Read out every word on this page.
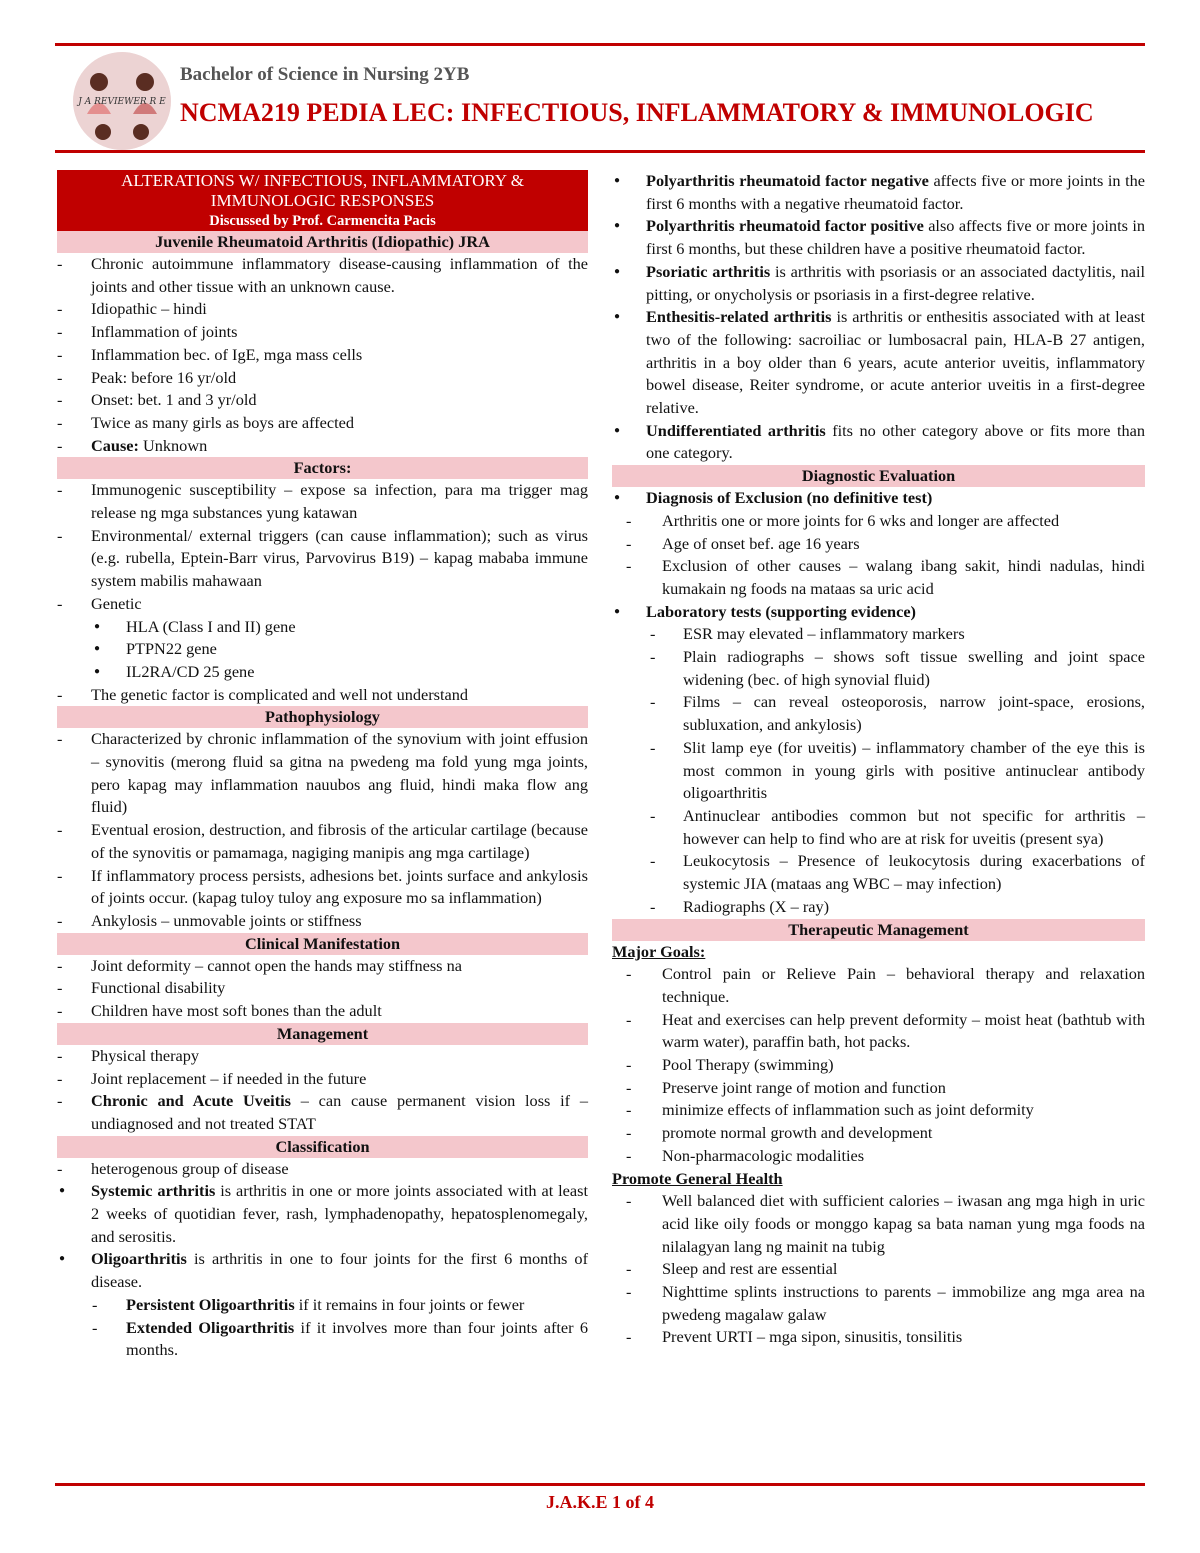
J A REVIEWER R E
Bachelor of Science in Nursing 2YB
NCMA219 PEDIA LEC: INFECTIOUS, INFLAMMATORY & IMMUNOLOGIC
ALTERATIONS W/ INFECTIOUS, INFLAMMATORY & IMMUNOLOGIC RESPONSES
Discussed by Prof. Carmencita Pacis
Juvenile Rheumatoid Arthritis (Idiopathic) JRA
- Chronic autoimmune inflammatory disease-causing inflammation of the joints and other tissue with an unknown cause.
- Idiopathic – hindi
- Inflammation of joints
- Inflammation bec. of IgE, mga mass cells
- Peak: before 16 yr/old
- Onset: bet. 1 and 3 yr/old
- Twice as many girls as boys are affected
- Cause: Unknown
Factors:
- Immunogenic susceptibility – expose sa infection, para ma trigger mag release ng mga substances yung katawan
- Environmental/ external triggers (can cause inflammation); such as virus (e.g. rubella, Eptein-Barr virus, Parvovirus B19) – kapag mababa immune system mabilis mahawaan
- Genetic
● HLA (Class I and II) gene
● PTPN22 gene
● IL2RA/CD 25 gene
- The genetic factor is complicated and well not understand
Pathophysiology
- Characterized by chronic inflammation of the synovium with joint effusion – synovitis (merong fluid sa gitna na pwedeng ma fold yung mga joints, pero kapag may inflammation nauubos ang fluid, hindi maka flow ang fluid)
- Eventual erosion, destruction, and fibrosis of the articular cartilage (because of the synovitis or pamamaga, nagiging manipis ang mga cartilage)
- If inflammatory process persists, adhesions bet. joints surface and ankylosis of joints occur. (kapag tuloy tuloy ang exposure mo sa inflammation)
- Ankylosis – unmovable joints or stiffness
Clinical Manifestation
- Joint deformity – cannot open the hands may stiffness na
- Functional disability
- Children have most soft bones than the adult
Management
- Physical therapy
- Joint replacement – if needed in the future
- Chronic and Acute Uveitis – can cause permanent vision loss if – undiagnosed and not treated STAT
Classification
- heterogenous group of disease
● Systemic arthritis is arthritis in one or more joints associated with at least 2 weeks of quotidian fever, rash, lymphadenopathy, hepatosplenomegaly, and serositis.
● Oligoarthritis is arthritis in one to four joints for the first 6 months of disease.
- Persistent Oligoarthritis if it remains in four joints or fewer
- Extended Oligoarthritis if it involves more than four joints after 6 months.
● Polyarthritis rheumatoid factor negative affects five or more joints in the first 6 months with a negative rheumatoid factor.
● Polyarthritis rheumatoid factor positive also affects five or more joints in first 6 months, but these children have a positive rheumatoid factor.
● Psoriatic arthritis is arthritis with psoriasis or an associated dactylitis, nail pitting, or onycholysis or psoriasis in a first-degree relative.
● Enthesitis-related arthritis is arthritis or enthesitis associated with at least two of the following: sacroiliac or lumbosacral pain, HLA-B 27 antigen, arthritis in a boy older than 6 years, acute anterior uveitis, inflammatory bowel disease, Reiter syndrome, or acute anterior uveitis in a first-degree relative.
● Undifferentiated arthritis fits no other category above or fits more than one category.
Diagnostic Evaluation
● Diagnosis of Exclusion (no definitive test)
- Arthritis one or more joints for 6 wks and longer are affected
- Age of onset bef. age 16 years
- Exclusion of other causes – walang ibang sakit, hindi nadulas, hindi kumakain ng foods na mataas sa uric acid
● Laboratory tests (supporting evidence)
- ESR may elevated – inflammatory markers
- Plain radiographs – shows soft tissue swelling and joint space widening (bec. of high synovial fluid)
- Films – can reveal osteoporosis, narrow joint-space, erosions, subluxation, and ankylosis)
- Slit lamp eye (for uveitis) – inflammatory chamber of the eye this is most common in young girls with positive antinuclear antibody oligoarthritis
- Antinuclear antibodies common but not specific for arthritis – however can help to find who are at risk for uveitis (present sya)
- Leukocytosis – Presence of leukocytosis during exacerbations of systemic JIA (mataas ang WBC – may infection)
- Radiographs (X – ray)
Therapeutic Management
Major Goals:
- Control pain or Relieve Pain – behavioral therapy and relaxation technique.
- Heat and exercises can help prevent deformity – moist heat (bathtub with warm water), paraffin bath, hot packs.
- Pool Therapy (swimming)
- Preserve joint range of motion and function
- minimize effects of inflammation such as joint deformity
- promote normal growth and development
- Non-pharmacologic modalities
Promote General Health
- Well balanced diet with sufficient calories – iwasan ang mga high in uric acid like oily foods or monggo kapag sa bata naman yung mga foods na nilalagyan lang ng mainit na tubig
- Sleep and rest are essential
- Nighttime splints instructions to parents – immobilize ang mga area na pwedeng magalaw galaw
- Prevent URTI – mga sipon, sinusitis, tonsilitis
J.A.K.E 1 of 4
